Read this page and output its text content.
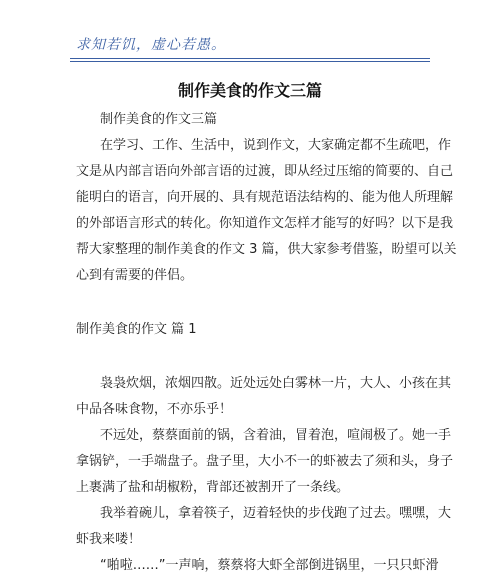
求知若饥，虚心若愚。
制作美食的作文三篇
制作美食的作文三篇
在学习、工作、生活中，说到作文，大家确定都不生疏吧，作
文是从内部言语向外部言语的过渡，即从经过压缩的简要的、自己
能明白的语言，向开展的、具有规范语法结构的、能为他人所理解
的外部语言形式的转化。你知道作文怎样才能写的好吗？以下是我
帮大家整理的制作美食的作文 3 篇，供大家参考借鉴，盼望可以关
心到有需要的伴侣。
制作美食的作文 篇 1
袅袅炊烟，浓烟四散。近处远处白雾林一片，大人、小孩在其
中品各味食物，不亦乐乎！
不远处，蔡蔡面前的锅，含着油，冒着泡，喧闹极了。她一手
拿锅铲，一手端盘子。盘子里，大小不一的虾被去了须和头，身子
上裹满了盐和胡椒粉，背部还被割开了一条线。
我举着碗儿，拿着筷子，迈着轻快的步伐跑了过去。嘿嘿，大
虾我来喽！
“啪啦……”一声响，蔡蔡将大虾全部倒进锅里，一只只虾滑
